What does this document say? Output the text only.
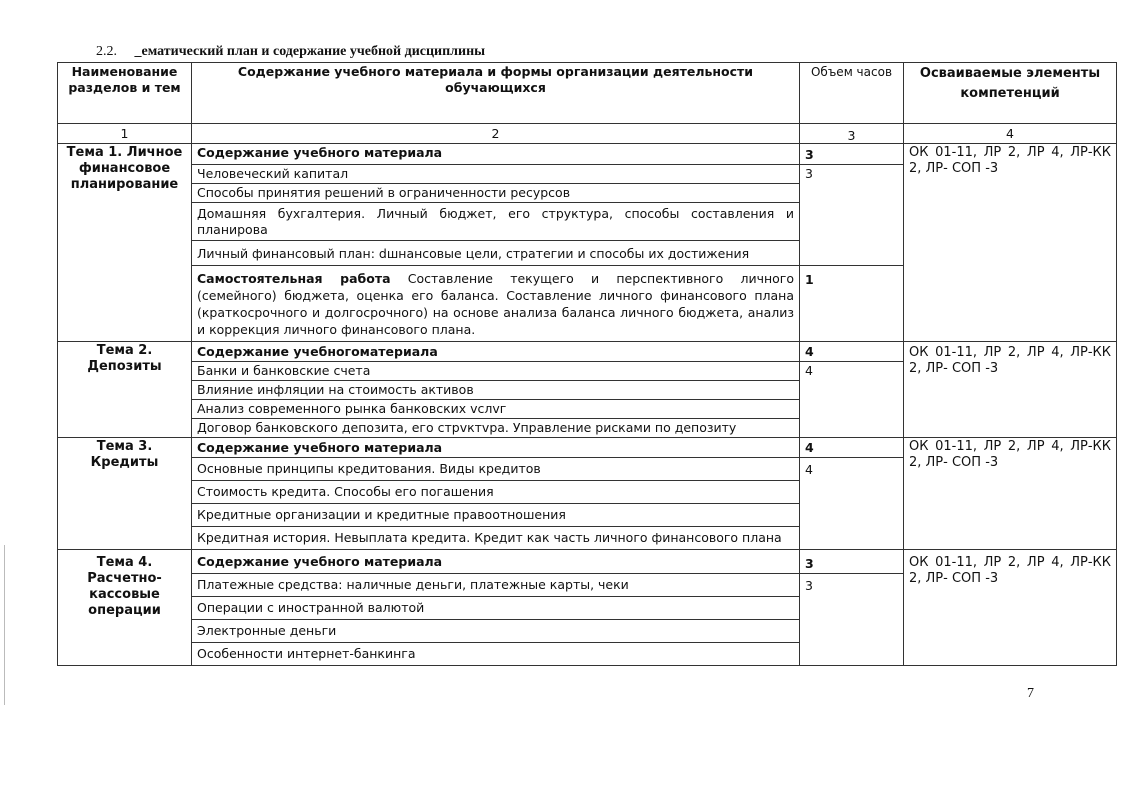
2.2. _ематический план и содержание учебной дисциплины
Наименование разделов и тем	Содержание учебного материала и формы организации деятельности обучающихся	Объем часов	Осваиваемые элементы компетенций
1	2	3	4
Тема 1. Личное финансовое планирование	Содержание учебного материала	3	ОК 01-11, ЛР 2, ЛР 4, ЛР-КК 2, ЛР- СОП -3
	Человеческий капитал	3	
	Способы принятия решений в ограниченности ресурсов		
	Домашняя бухгалтерия. Личный бюджет, его структура, способы составления и планирова		
	Личный финансовый план: dшнансовые цели, стратегии и способы их достижения		
	Самостоятельная работа Составление текущего и перспективного личного (семейного) бюджета, оценка его баланса. Составление личного финансового плана (краткосрочного и долгосрочного) на основе анализа баланса личного бюджета, анализ и коррекция личного финансового плана.	1	
Тема 2. Депозиты	Содержание учебногоматериала	4	ОК 01-11, ЛР 2, ЛР 4, ЛР-КК 2, ЛР- СОП -3
	Банки и банковские счета	4	
	Влияние инфляции на стоимость активов		
	Анализ современного рынка банковских vслvг		
	Договор банковского депозита, его стрvктvра. Управление рисками по депозиту		
Тема 3. Кредиты	Содержание учебного материала	4	ОК 01-11, ЛР 2, ЛР 4, ЛР-КК 2, ЛР- СОП -3
	Основные принципы кредитования. Виды кредитов	4	
	Стоимость кредита. Способы его погашения		
	Кредитные организации и кредитные правоотношения		
	Кредитная история. Невыплата кредита. Кредит как часть личного финансового плана		
Тема 4. Расчетно-кассовые операции	Содержание учебного материала	3	ОК 01-11, ЛР 2, ЛР 4, ЛР-КК 2, ЛР- СОП -3
	Платежные средства: наличные деньги, платежные карты, чеки	3	
	Операции с иностранной валютой		
	Электронные деньги		
	Особенности интернет-банкинга		
7
